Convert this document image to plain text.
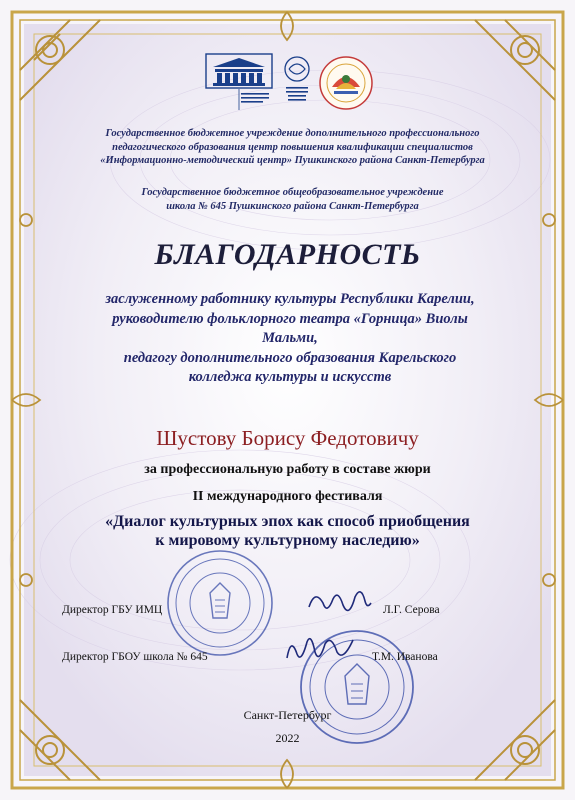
Государственное бюджетное учреждение дополнительного профессионального
педагогического образования центр повышения квалификации специалистов
«Информационно-методический центр» Пушкинского района Санкт-Петербурга
Государственное бюджетное общеобразовательное учреждение
школа № 645 Пушкинского района Санкт-Петербурга
БЛАГОДАРНОСТЬ
заслуженному работнику культуры Республики Карелии,
руководителю фольклорного театра «Горница» Виолы
Мальми,
педагогу дополнительного образования Карельского
колледжа культуры и искусств
Шустову Борису Федотовичу
за профессиональную работу в составе жюри
II международного фестиваля
«Диалог культурных эпох как способ приобщения
к мировому культурному наследию»
Директор ГБУ ИМЦ	Л.Г. Серова
Директор ГБОУ школа № 645	Т.М. Иванова
Санкт-Петербург
2022
